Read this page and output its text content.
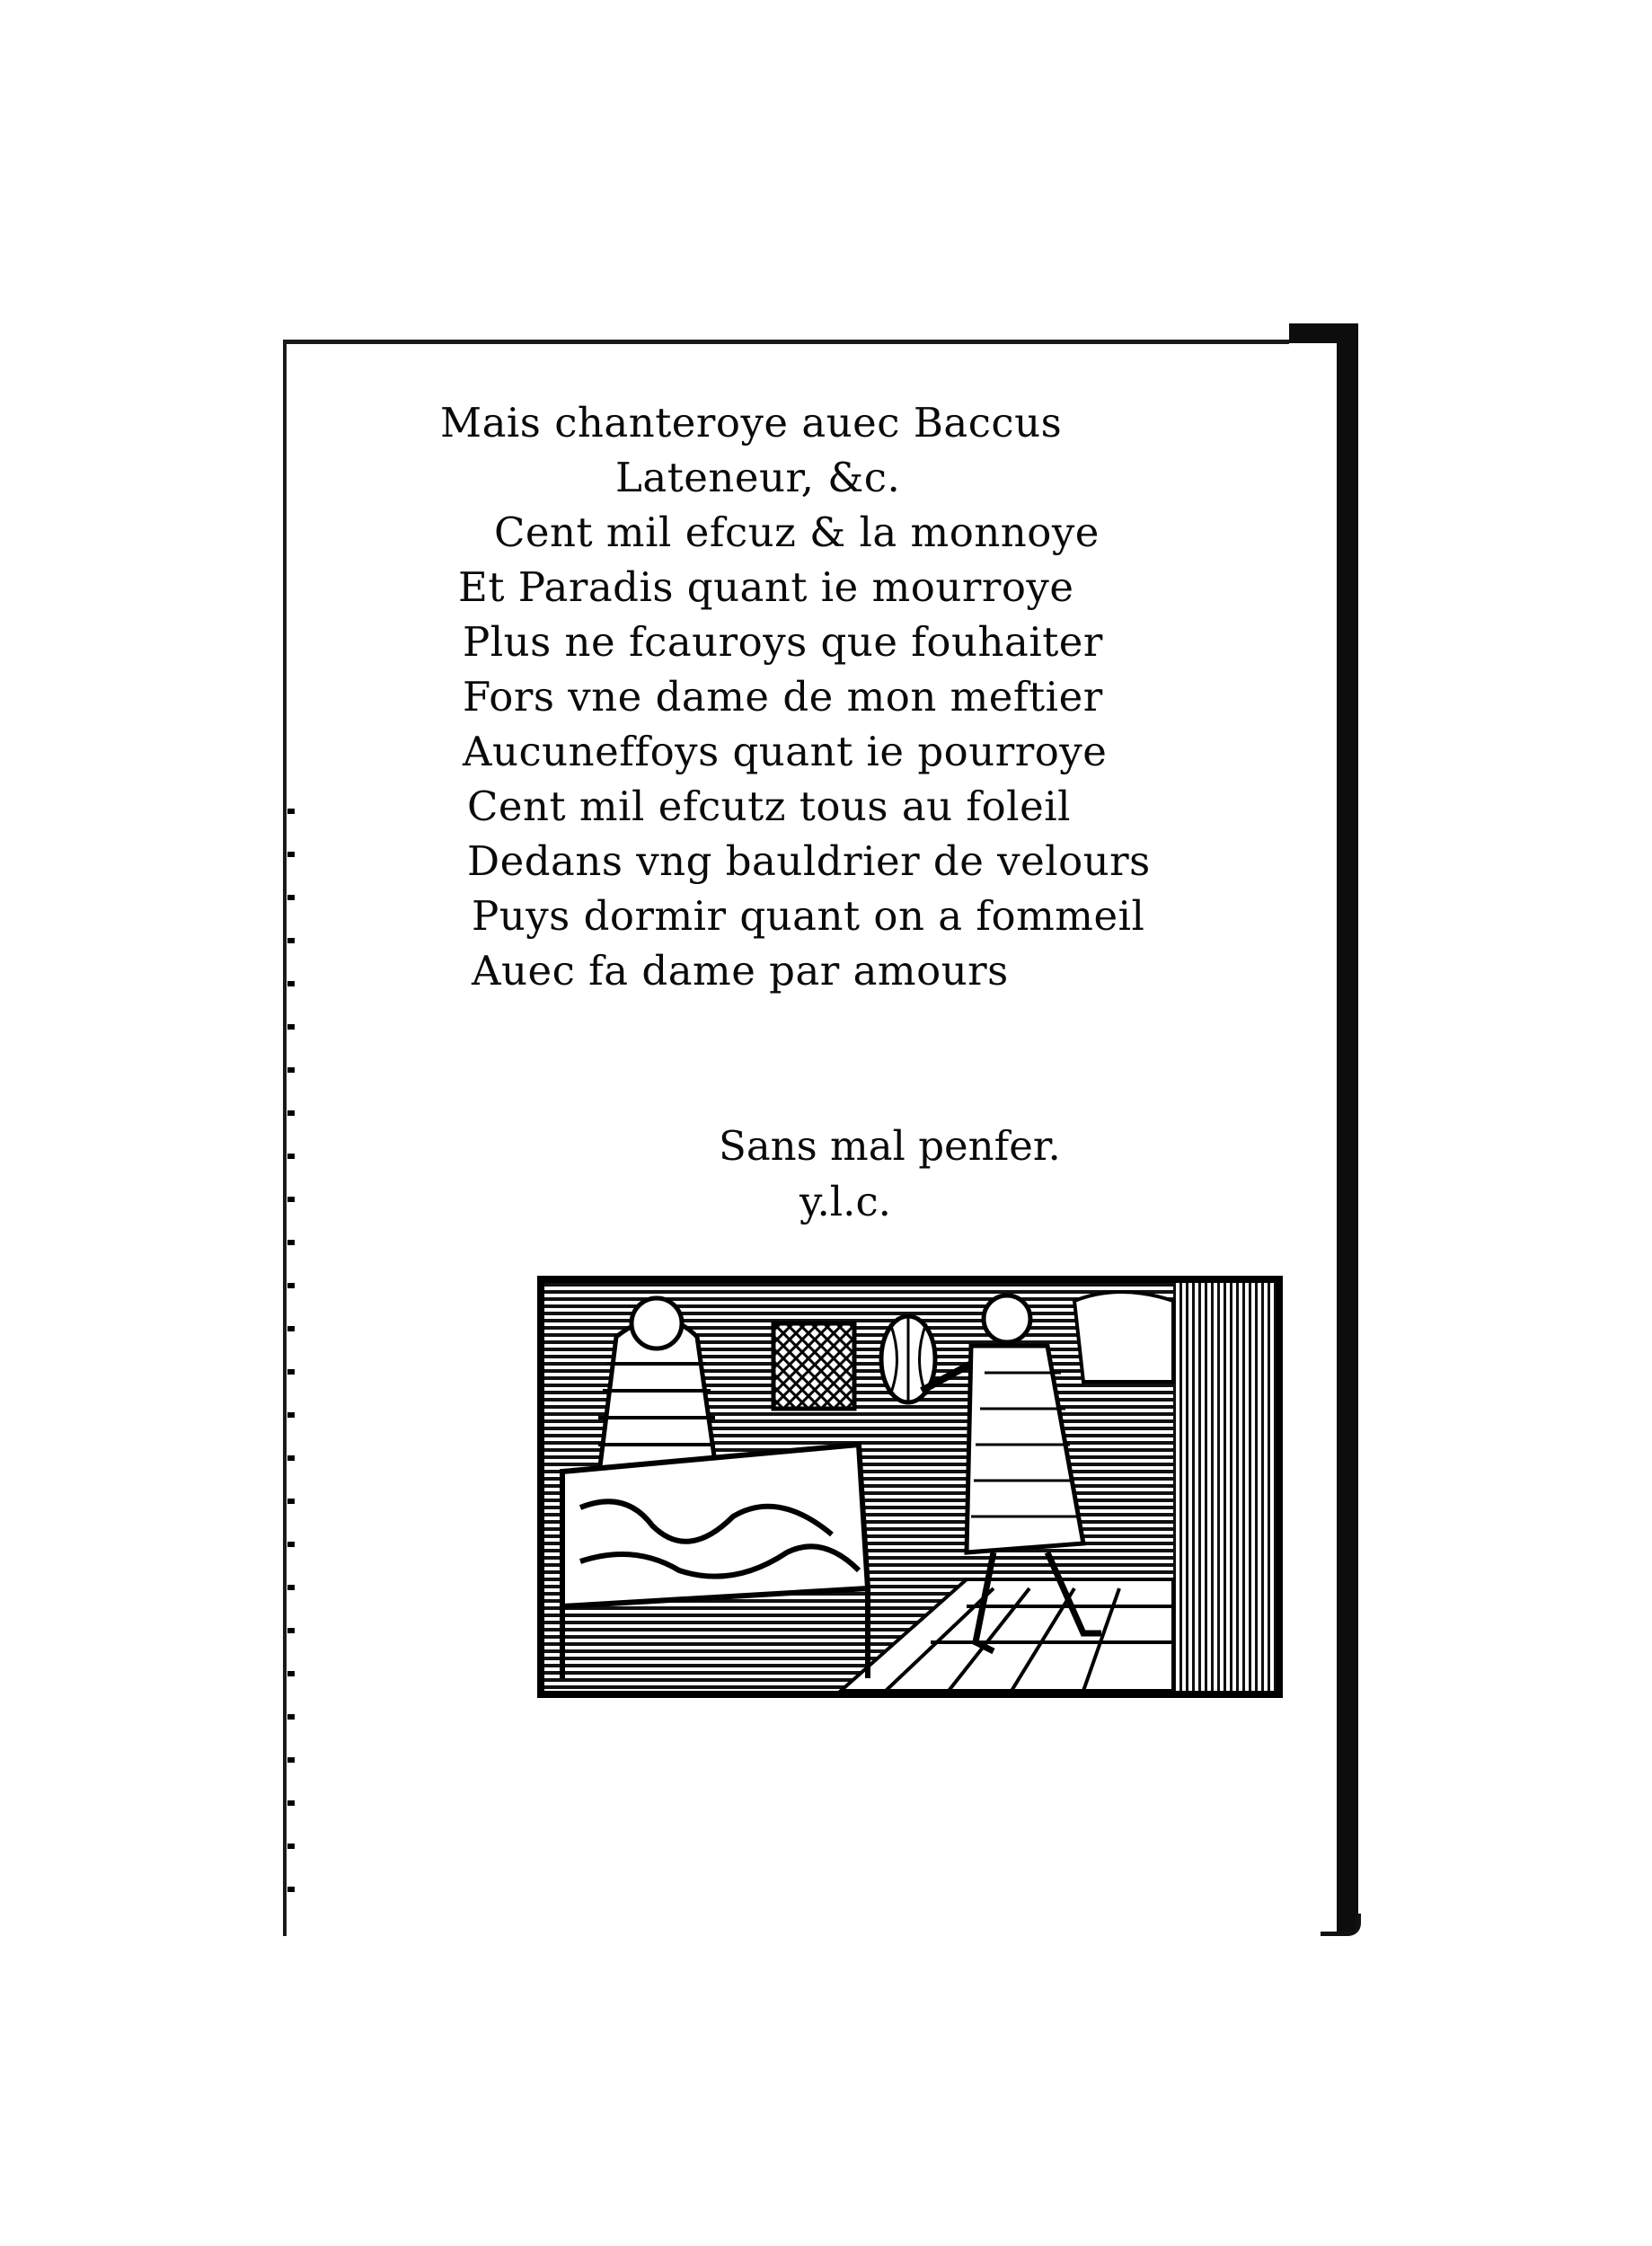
Mais chanteroye auec Baccus
Lateneur, &c.
Cent mil efcuz & la monnoye
Et Paradis quant ie mourroye
Plus ne fcauroys que fouhaiter
Fors vne dame de mon meftier
Aucuneffoys quant ie pourroye
Cent mil efcutz tous au foleil
Dedans vng bauldrier de velours
Puys dormir quant on a fommeil
Auec fa dame par amours
Sans mal penfer.
y.l.c.
